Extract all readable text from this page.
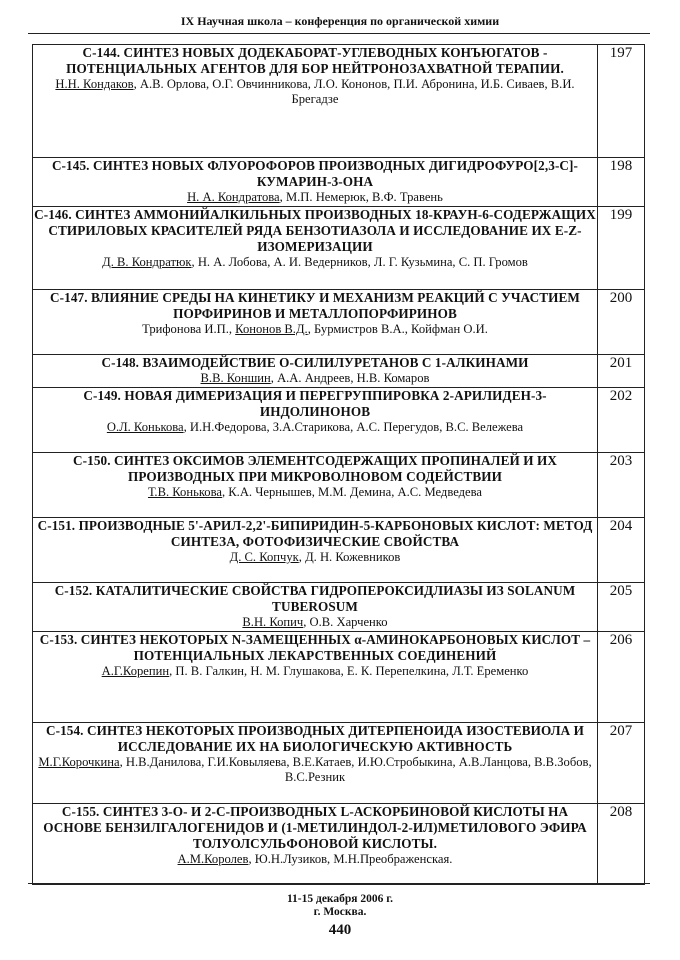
IX Научная школа – конференция по органической химии
С-144. СИНТЕЗ НОВЫХ ДОДЕКАБОРАТ-УГЛЕВОДНЫХ КОНЪЮГАТОВ - ПОТЕНЦИАЛЬНЫХ АГЕНТОВ ДЛЯ БОР НЕЙТРОНОЗАХВАТНОЙ ТЕРАПИИ.
Н.Н. Кондаков, А.В. Орлова, О.Г. Овчинникова, Л.О. Кононов, П.И. Абронина, И.Б. Сиваев, В.И. Брегадзе	197

С-145. СИНТЕЗ НОВЫХ ФЛУОРОФОРОВ ПРОИЗВОДНЫХ ДИГИДРОФУРО[2,3-C]-КУМАРИН-3-ОНА
Н. А. Кондратова, М.П. Немерюк, В.Ф. Травень	198

С-146. СИНТЕЗ АММОНИЙАЛКИЛЬНЫХ ПРОИЗВОДНЫХ 18-КРАУН-6-СОДЕРЖАЩИХ СТИРИЛОВЫХ КРАСИТЕЛЕЙ РЯДА БЕНЗОТИАЗОЛА И ИССЛЕДОВАНИЕ ИХ E-Z-ИЗОМЕРИЗАЦИИ
Д. В. Кондратюк, Н. А. Лобова, А. И. Ведерников, Л. Г. Кузьмина, С. П. Громов	199

С-147. ВЛИЯНИЕ СРЕДЫ НА КИНЕТИКУ И МЕХАНИЗМ РЕАКЦИЙ С УЧАСТИЕМ ПОРФИРИНОВ И МЕТАЛЛОПОРФИРИНОВ
Трифонова И.П., Кононов В.Д., Бурмистров В.А., Койфман О.И.	200

С-148. ВЗАИМОДЕЙСТВИЕ О-СИЛИЛУРЕТАНОВ С 1-АЛКИНАМИ
В.В. Коншин, А.А. Андреев, Н.В. Комаров	201

С-149. НОВАЯ ДИМЕРИЗАЦИЯ И ПЕРЕГРУППИРОВКА 2-АРИЛИДЕН-3-ИНДОЛИНОНОВ
О.Л. Конькова, И.Н.Федорова, З.А.Старикова, А.С. Перегудов, В.С. Вележева	202

С-150. СИНТЕЗ ОКСИМОВ ЭЛЕМЕНТСОДЕРЖАЩИХ ПРОПИНАЛЕЙ И ИХ ПРОИЗВОДНЫХ ПРИ МИКРОВОЛНОВОМ СОДЕЙСТВИИ
Т.В. Конькова, К.А. Чернышев, М.М. Демина, А.С. Медведева	203

С-151. ПРОИЗВОДНЫЕ 5'-АРИЛ-2,2'-БИПИРИДИН-5-КАРБОНОВЫХ КИСЛОТ: МЕТОД СИНТЕЗА, ФОТОФИЗИЧЕСКИЕ СВОЙСТВА
Д. С. Копчук, Д. Н. Кожевников	204

С-152. КАТАЛИТИЧЕСКИЕ СВОЙСТВА ГИДРОПЕРОКСИДЛИАЗЫ ИЗ SOLANUM TUBEROSUM
В.Н. Копич, О.В. Харченко	205

С-153. СИНТЕЗ НЕКОТОРЫХ N-ЗАМЕЩЕННЫХ α-АМИНОКАРБОНОВЫХ КИСЛОТ – ПОТЕНЦИАЛЬНЫХ ЛЕКАРСТВЕННЫХ СОЕДИНЕНИЙ
А.Г.Корепин, П. В. Галкин, Н. М. Глушакова, Е. К. Перепелкина, Л.Т. Еременко	206

С-154. СИНТЕЗ НЕКОТОРЫХ ПРОИЗВОДНЫХ ДИТЕРПЕНОИДА ИЗОСТЕВИОЛА И ИССЛЕДОВАНИЕ ИХ НА БИОЛОГИЧЕСКУЮ АКТИВНОСТЬ
М.Г.Корочкина, Н.В.Данилова, Г.И.Ковыляева, В.Е.Катаев, И.Ю.Стробыкина, А.В.Ланцова, В.В.Зобов, В.С.Резник	207

С-155. СИНТЕЗ 3-О- И 2-С-ПРОИЗВОДНЫХ L-АСКОРБИНОВОЙ КИСЛОТЫ НА ОСНОВЕ БЕНЗИЛГАЛОГЕНИДОВ И (1-МЕТИЛИНДОЛ-2-ИЛ)МЕТИЛОВОГО ЭФИРА ТОЛУОЛСУЛЬФОНОВОЙ КИСЛОТЫ.
А.М.Королев, Ю.Н.Лузиков, М.Н.Преображенская.	208
11-15 декабря 2006 г.
г. Москва.
440
